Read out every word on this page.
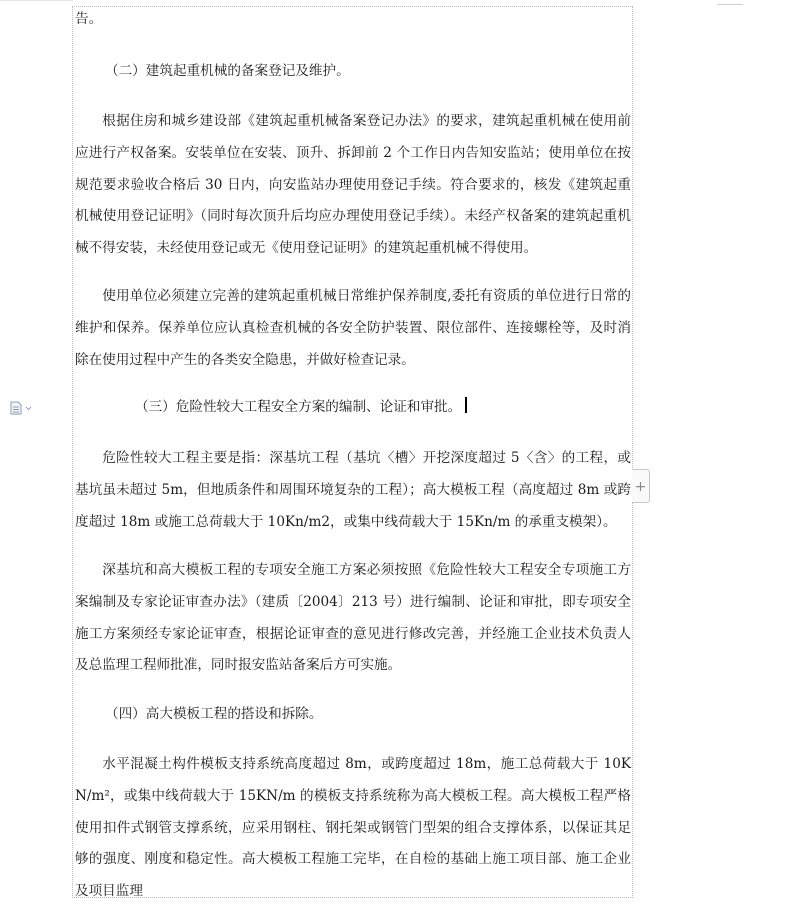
告。
（二）建筑起重机械的备案登记及维护。
根据住房和城乡建设部《建筑起重机械备案登记办法》的要求，建筑起重机械在使用前应进行产权备案。安装单位在安装、顶升、拆卸前 2 个工作日内告知安监站；使用单位在按规范要求验收合格后 30 日内，向安监站办理使用登记手续。符合要求的，核发《建筑起重机械使用登记证明》（同时每次顶升后均应办理使用登记手续）。未经产权备案的建筑起重机械不得安装，未经使用登记或无《使用登记证明》的建筑起重机械不得使用。
使用单位必须建立完善的建筑起重机械日常维护保养制度,委托有资质的单位进行日常的维护和保养。保养单位应认真检查机械的各安全防护装置、限位部件、连接螺栓等，及时消除在使用过程中产生的各类安全隐患，并做好检查记录。
（三）危险性较大工程安全方案的编制、论证和审批。
危险性较大工程主要是指：深基坑工程（基坑〈槽〉开挖深度超过 5〈含〉的工程，或基坑虽未超过 5m，但地质条件和周围环境复杂的工程）；高大模板工程（高度超过 8m 或跨度超过 18m 或施工总荷载大于 10Kn/m2，或集中线荷载大于 15Kn/m 的承重支模架）。
深基坑和高大模板工程的专项安全施工方案必须按照《危险性较大工程安全专项施工方案编制及专家论证审查办法》（建质〔2004〕213 号）进行编制、论证和审批，即专项安全施工方案须经专家论证审查，根据论证审查的意见进行修改完善，并经施工企业技术负责人及总监理工程师批准，同时报安监站备案后方可实施。
（四）高大模板工程的搭设和拆除。
水平混凝土构件模板支持系统高度超过 8m，或跨度超过 18m，施工总荷载大于 10KN/m²，或集中线荷载大于 15KN/m 的模板支持系统称为高大模板工程。高大模板工程严格使用扣件式钢管支撑系统，应采用钢柱、钢托架或钢管门型架的组合支撑体系，以保证其足够的强度、刚度和稳定性。高大模板工程施工完毕，在自检的基础上施工项目部、施工企业及项目监理
+
